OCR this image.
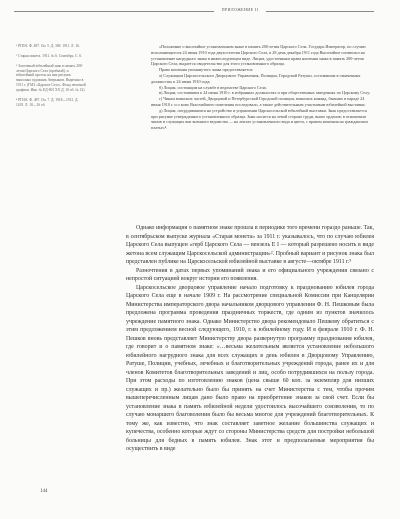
ПРИЛОЖЕНИЕ II

¹ РГИА. Ф. 487. Оп. 5. Д. 369. 1911. Л. 16.

² Старая монета. 1911. № 6. Сентябрь. С. 6.

³ Золоченый юбилейный знак в память 200-летия Царского Села (пробный), и юбилейный протон, на них рисунок выполнял художник Аверьянов. Вырезано в 1911 г. (ГМЗ «Царское Село». Фонд печатной графики. Инв. № ЕД-801 ХХ Д. 10 об. № 12).

⁴ РГИА. Ф. 487. Оп. 7. Д. 1918—1912. Д. 1419. Л. 10—16 об.

«Положение о высочайше установленном знаке в память 200-летия Царского Села. Государь Император, по случаю исполняющегося 24 июня 1910 года двухсотлетия Царского Села, в 28 день декабря 1911 года Высочайше соизволил на установление нагрудного знака в нижеследующем виде. Лицам, удостоенным права ношения знака в память 200-летия Царского Села, выдается свидетельство для этого установленного образца.

Право ношения упомянутого знака предоставляется:

а) Служащим Царскосельского Дворцового Управления, Полиции, Городской Ратуши, состоявшим в означенных должностях к 24 июня 1910 года;

б) Лицам, состоящим на службе в ведомстве Царского Села;

в) Лицам, состоявшим к 24 июня 1910 г. в избранных должностях и при общественных заведениях по Царскому Селу;

г) Чинам воинских частей, Дворцовой и Петербургской Городской полиции, воинских команд, бывших в параде 24 июня 1910 г. и о коих Высочайшего повеления последовало, а также действительным участникам юбилейной выставки;

д) Лицам, потрудившимся на устройство и управлении Царскосельской юбилейной выставки. Знак предоставляется при рисунке утвержденного установленного образца. Знак носится на левой стороне груди, выше орденов; в отношении чинов и служащих вне военного ведомства — на лентах установленного вида и цвета, с правом ношения на гражданском платье»⁴.

Однако информация о памятном знаке прошла в периодике того времени гораздо раньше. Так, в сентябрьском выпуске журнала «Старая монета» за 1911 г. указывалось, что по случаю юбилея Царского Села выпущен «герб Царского Села — вензель Е I — который разрешено носить в виде жетона всем служащим Царскосельской администрации»². Пробный вариант и рисунок знака был представлен публике на Царскосельской юбилейной выставке в августе—октябре 1911 г.³

Разночтения в датах первых упоминаний знака и его официального учреждения связано с непростой ситуацией вокруг истории его появления.

Царскосельское дворцовое управление начало подготовку к празднованию юбилея города Царского Села еще в начале 1909 г. На рассмотрение специальной Комиссии при Канцелярии Министерства императорского двора начальником дворцового управления Ф. Н. Пешковым была предложена программа проведения праздничных торжеств, где одним из пунктов значилось учреждение памятного знака. Однако Министерство двора рекомендовало Пешкову обратиться с этим предложением весной следующего, 1910, г. к юбилейному году. И в феврале 1910 г. Ф. Н. Пешков вновь представляет Министерству двора развернутую программу празднования юбилея, где говорит и о памятном знаке: «…весьма желательным является установление небольшого юбилейного нагрудного знака для всех служащих в день юбилея в Дворцовому Управлению, Ратуше, Полиции, учебных, лечебных и благотворительных учреждений города, ранее их и для членов Комитетов благотворительных заведений и лиц, особо потрудившихся на пользу города. При этом расходы по изготовлению знаков (цена свыше 60 коп. за экземпляр для низших служащих и пр.) желательно было бы принять на счет Министерства с тем, чтобы прочим вышеперечисленным лицам дано было право на приобретение знаков за свой счет. Если бы установление знака в память юбилейной недели удостоилось высочайшего соизволения, то по случаю монаршего благоволения было бы весьма многое для учреждений благотворительных. К тому же, как известно, что знак составляет заветное желание большинства служащих и купечества, особенно которые ждут со стороны Министерства средств для постройки небольшой больницы для бедных в память юбилея. Знак этот и предполагаемые мероприятия бы осуществить в виде

144
